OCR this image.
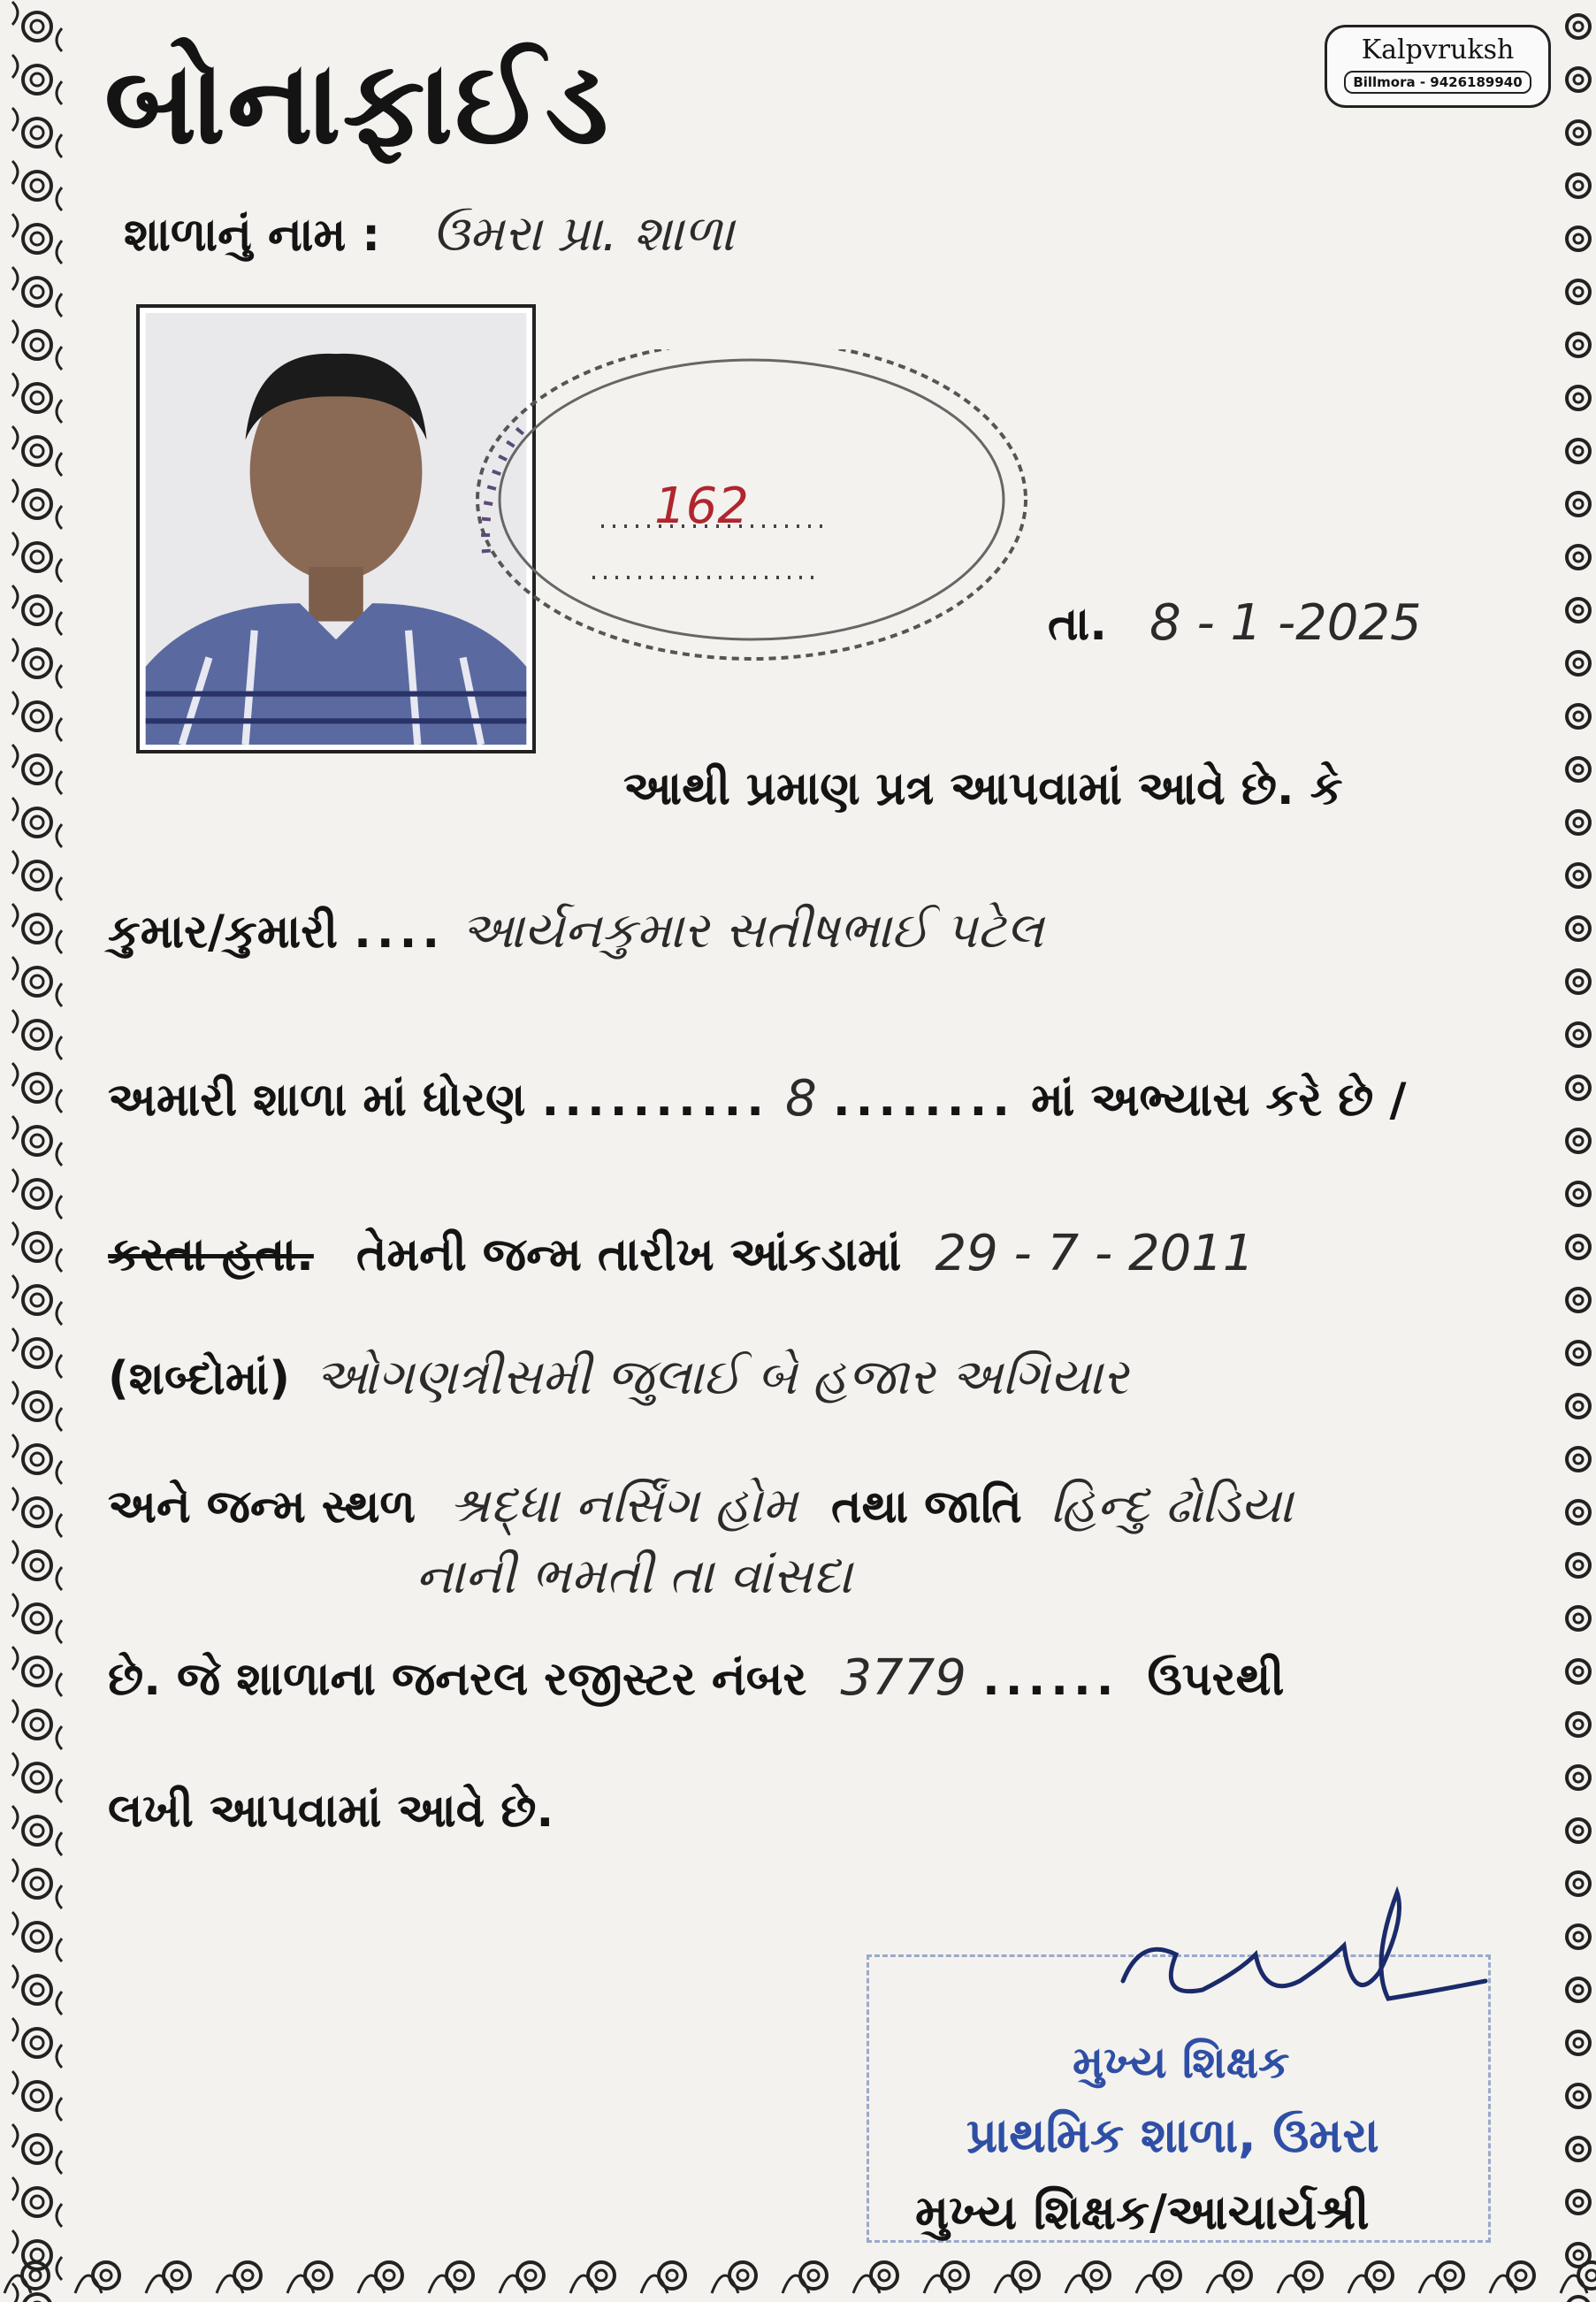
બોનાફાઈડ	Kalpvruksh
Billmora - 9426189940
શાળાનું નામ : ઉમરા પ્રા. શાળા
162
તા. 8 - 1 -2025
આથી પ્રમાણ પ્રત્ર આપવામાં આવે છે. કે
કુમાર/કુમારી .... આર્યનકુમાર સતીષભાઈ પટેલ
અમારી શાળા માં ધોરણ .......... 8 ........ માં અભ્યાસ કરે છે /
કરતા હતા. તેમની જન્મ તારીખ આંકડામાં 29 - 7 - 2011
(શબ્દોમાં) ઓગણત્રીસમી જુલાઈ બે હજાર અગિયાર
અને જન્મ સ્થળ શ્રદ્ધા નર્સિંગ હોમ તથા જાતિ હિન્દુ ઢોડિયા
નાની ભમતી તા વાંસદા
છે. જે શાળાના જનરલ રજીસ્ટર નંબર 3779 ...... ઉપરથી
લખી આપવામાં આવે છે.
મુખ્ય શિક્ષક
પ્રાથમિક શાળા, ઉમરા
મુખ્ય શિક્ષક/આચાર્યશ્રી
